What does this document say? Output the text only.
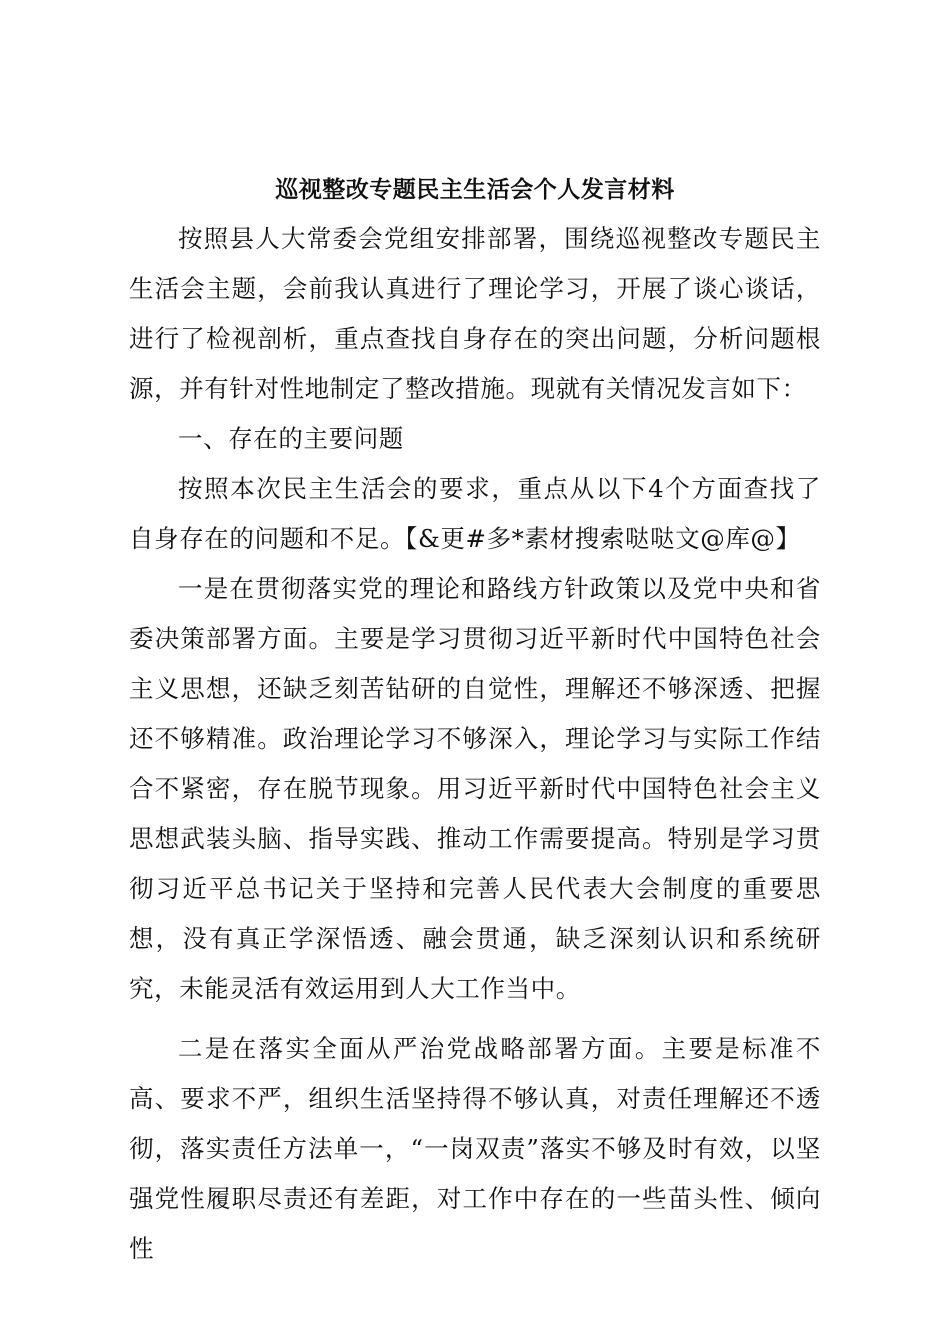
巡视整改专题民主生活会个人发言材料

按照县人大常委会党组安排部署，围绕巡视整改专题民主生活会主题，会前我认真进行了理论学习，开展了谈心谈话，进行了检视剖析，重点查找自身存在的突出问题，分析问题根源，并有针对性地制定了整改措施。现就有关情况发言如下：

一、存在的主要问题

按照本次民主生活会的要求，重点从以下4个方面查找了自身存在的问题和不足。【&更#多*素材搜索哒哒文@库@】

一是在贯彻落实党的理论和路线方针政策以及党中央和省委决策部署方面。主要是学习贯彻习近平新时代中国特色社会主义思想，还缺乏刻苦钻研的自觉性，理解还不够深透、把握还不够精准。政治理论学习不够深入，理论学习与实际工作结合不紧密，存在脱节现象。用习近平新时代中国特色社会主义思想武装头脑、指导实践、推动工作需要提高。特别是学习贯彻习近平总书记关于坚持和完善人民代表大会制度的重要思想，没有真正学深悟透、融会贯通，缺乏深刻认识和系统研究，未能灵活有效运用到人大工作当中。

二是在落实全面从严治党战略部署方面。主要是标准不高、要求不严，组织生活坚持得不够认真，对责任理解还不透彻，落实责任方法单一，“一岗双责”落实不够及时有效，以坚强党性履职尽责还有差距，对工作中存在的一些苗头性、倾向性
